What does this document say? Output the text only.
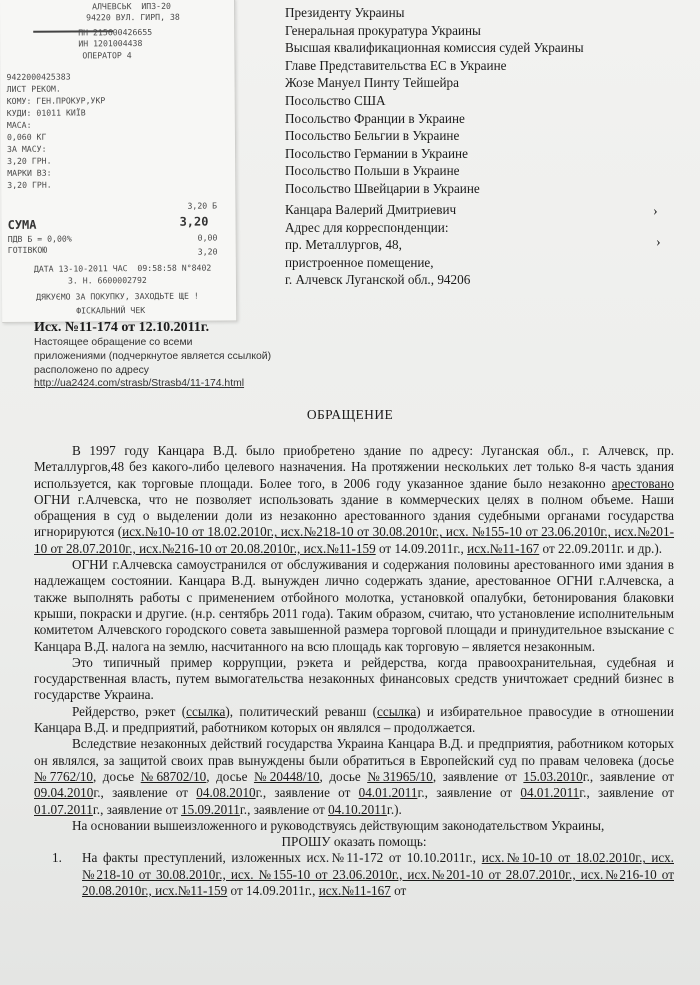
АЛЧЕВСЬК  ИПЗ-20
94220 ВУЛ. ГИРП, 38
ПН 215600426655
ИН 1201004438
ОПЕРАТОР 4
9422000425383
ЛИСТ РЕКОМ.
КОМУ: ГЕН.ПРОКУР,УКР
КУДИ: 01011 КИЇВ
МАСА:
0,060 КГ
ЗА МАСУ:
3,20 ГРН.
МАРКИ ВЗ:
3,20 ГРН.
3,20 Б
СУМА	3,20
ПДВ Б = 0,00%	0,00
ГОТІВКОЮ	3,20
ДАТА 13-10-2011 ЧАС  09:58:58 N°8402
З. Н. 6600002792
ДЯКУЄМО ЗА ПОКУПКУ, ЗАХОДЬТЕ ЩЕ !
ФІСКАЛЬНИЙ ЧЕК
Президенту Украины
Генеральная прокуратура Украины
Высшая квалификационная комиссия судей Украины
Главе Представительства ЕС в Украине
Жозе Мануел Пинту Тейшейра
Посольство США
Посольство Франции в Украине
Посольство Бельгии в Украине
Посольство Германии в Украине
Посольство Польши в Украине
Посольство Швейцарии в Украине
Канцара Валерий Дмитриевич
Адрес для корреспонденции:
пр. Металлургов, 48,
пристроенное помещение,
г. Алчевск Луганской обл., 94206
›
›
Исх. №11-174 от 12.10.2011г.
Настоящее обращение со всеми
приложениями (подчеркнутое является ссылкой)
расположено по адресу
http://ua2424.com/strasb/Strasb4/11-174.html
ОБРАЩЕНИЕ

В 1997 году Канцара В.Д. было приобретено здание по адресу: Луганская обл., г. Алчевск, пр. Металлургов,48 без какого-либо целевого назначения. На протяжении нескольких лет только 8-я часть здания используется, как торговые площади. Более того, в 2006 году указанное здание было незаконно арестовано ОГНИ г.Алчевска, что не позволяет использовать здание в коммерческих целях в полном объеме. Наши обращения в суд о выделении доли из незаконно арестованного здания судебными органами государства игнорируются (исх.№10-10 от 18.02.2010г., исх.№218-10 от 30.08.2010г., исх. №155-10 от 23.06.2010г., исх.№201-10 от 28.07.2010г., исх.№216-10 от 20.08.2010г., исх.№11-159 от 14.09.2011г., исх.№11-167 от 22.09.2011г. и др.).

ОГНИ г.Алчевска самоустранился от обслуживания и содержания половины арестованного ими здания в надлежащем состоянии. Канцара В.Д. вынужден лично содержать здание, арестованное ОГНИ г.Алчевска, а также выполнять работы с применением отбойного молотка, установкой опалубки, бетонирования блаковки крыши, покраски и другие. (н.р. сентябрь 2011 года). Таким образом, считаю, что установление исполнительным комитетом Алчевского городского совета завышенной размера торговой площади и принудительное взыскание с Канцара В.Д. налога на землю, насчитанного на всю площадь как торговую – является незаконным.

Это типичный пример коррупции, рэкета и рейдерства, когда правоохранительная, судебная и государственная власть, путем вымогательства незаконных финансовых средств уничтожает средний бизнес в государстве Украина.

Рейдерство, рэкет (ссылка), политический реванш (ссылка) и избирательное правосудие в отношении Канцара В.Д. и предприятий, работником которых он являлся – продолжается.

Вследствие незаконных действий государства Украина Канцара В.Д. и предприятия, работником которых он являлся, за защитой своих прав вынуждены были обратиться в Европейский суд по правам человека (досье №7762/10, досье №68702/10, досье №20448/10, досье №31965/10, заявление от 15.03.2010г., заявление от 09.04.2010г., заявление от 04.08.2010г., заявление от 04.01.2011г., заявление от 04.01.2011г., заявление от 01.07.2011г., заявление от 15.09.2011г., заявление от 04.10.2011г.).

На основании вышеизложенного и руководствуясь действующим законодательством Украины,

ПРОШУ оказать помощь:

1.	На факты преступлений, изложенных исх.№11-172 от 10.10.2011г., исх.№10-10 от 18.02.2010г., исх.№218-10 от 30.08.2010г., исх. №155-10 от 23.06.2010г., исх.№201-10 от 28.07.2010г., исх.№216-10 от 20.08.2010г., исх.№11-159 от 14.09.2011г., исх.№11-167 от
